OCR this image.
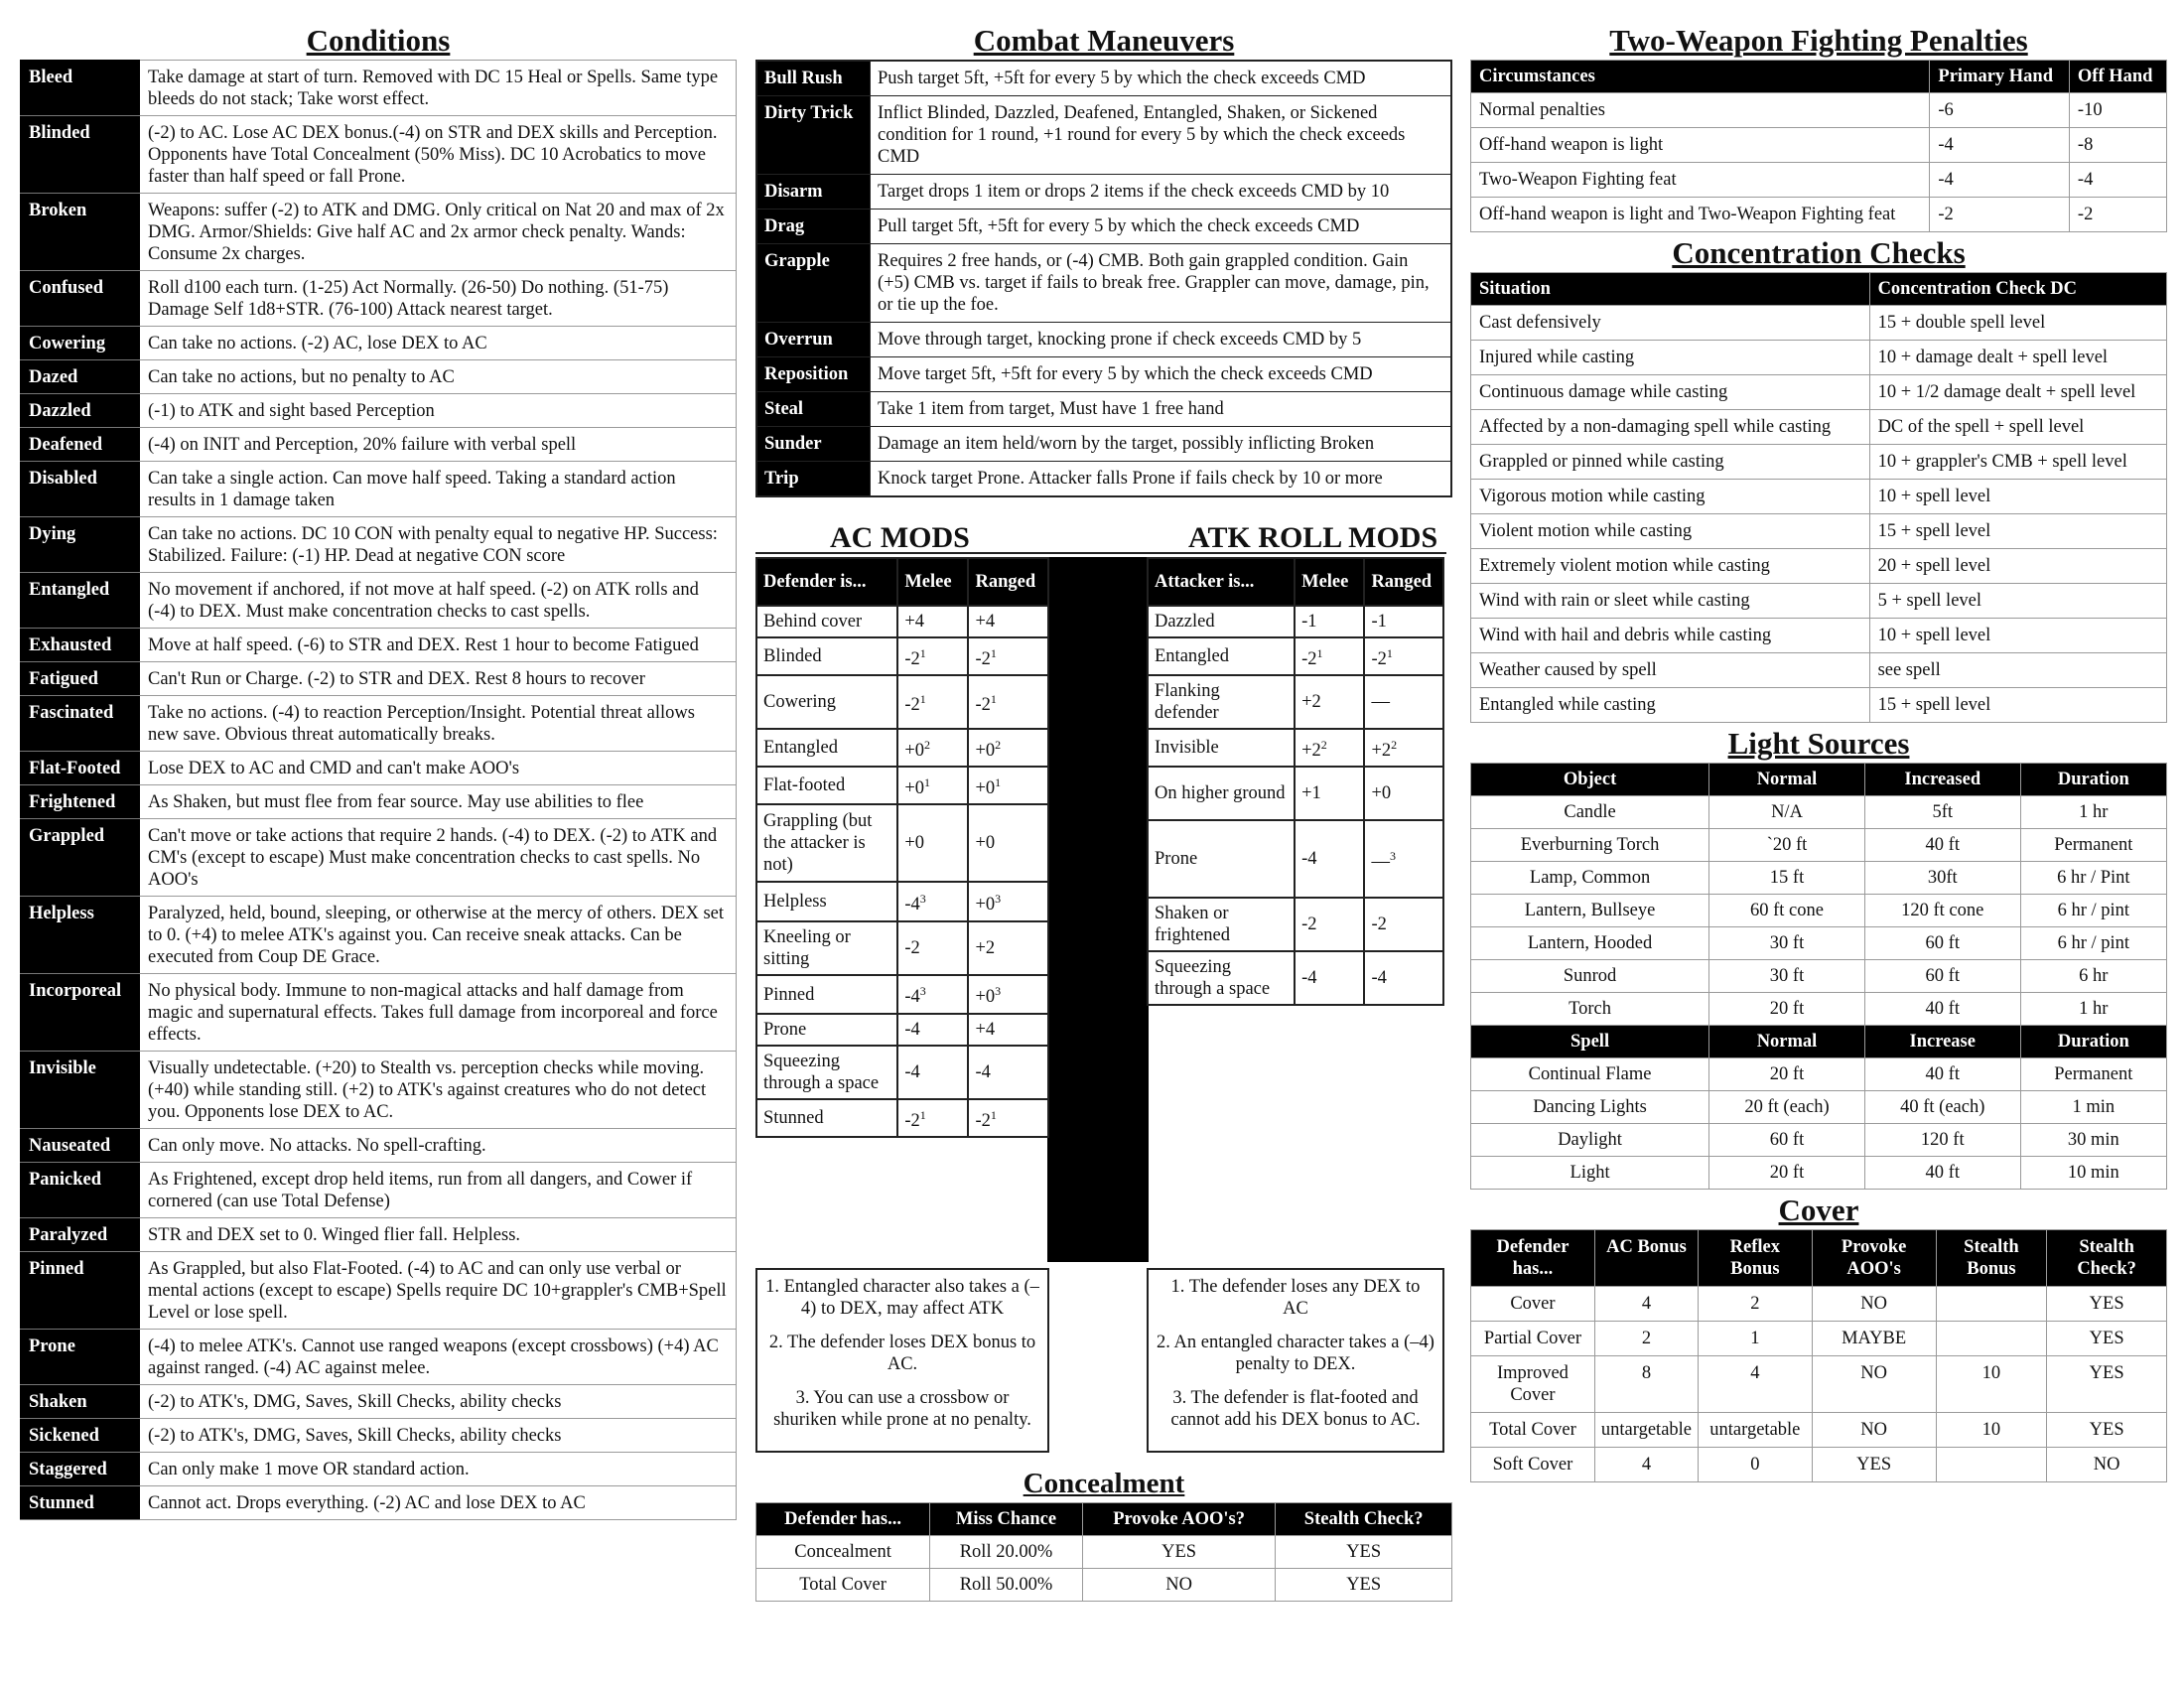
Conditions
Bleed	Take damage at start of turn. Removed with DC 15 Heal or Spells. Same type bleeds do not stack; Take worst effect.
Blinded	(-2) to AC. Lose AC DEX bonus.(-4) on STR and DEX skills and Perception. Opponents have Total Concealment (50% Miss). DC 10 Acrobatics to move faster than half speed or fall Prone.
Broken	Weapons: suffer (-2) to ATK and DMG. Only critical on Nat 20 and max of 2x DMG. Armor/Shields: Give half AC and 2x armor check penalty. Wands: Consume 2x charges.
Confused	Roll d100 each turn. (1-25) Act Normally. (26-50) Do nothing. (51-75) Damage Self 1d8+STR. (76-100) Attack nearest target.
Cowering	Can take no actions. (-2) AC, lose DEX to AC
Dazed	Can take no actions, but no penalty to AC
Dazzled	(-1) to ATK and sight based Perception
Deafened	(-4) on INIT and Perception, 20% failure with verbal spell
Disabled	Can take a single action. Can move half speed. Taking a standard action results in 1 damage taken
Dying	Can take no actions. DC 10 CON with penalty equal to negative HP. Success: Stabilized. Failure: (-1) HP. Dead at negative CON score
Entangled	No movement if anchored, if not move at half speed. (-2) on ATK rolls and (-4) to DEX. Must make concentration checks to cast spells.
Exhausted	Move at half speed. (-6) to STR and DEX. Rest 1 hour to become Fatigued
Fatigued	Can't Run or Charge. (-2) to STR and DEX. Rest 8 hours to recover
Fascinated	Take no actions. (-4) to reaction Perception/Insight. Potential threat allows new save. Obvious threat automatically breaks.
Flat-Footed	Lose DEX to AC and CMD and can't make AOO's
Frightened	As Shaken, but must flee from fear source. May use abilities to flee
Grappled	Can't move or take actions that require 2 hands. (-4) to DEX. (-2) to ATK and CM's (except to escape) Must make concentration checks to cast spells. No AOO's
Helpless	Paralyzed, held, bound, sleeping, or otherwise at the mercy of others. DEX set to 0. (+4) to melee ATK's against you. Can receive sneak attacks. Can be executed from Coup DE Grace.
Incorporeal	No physical body. Immune to non-magical attacks and half damage from magic and supernatural effects. Takes full damage from incorporeal and force effects.
Invisible	Visually undetectable. (+20) to Stealth vs. perception checks while moving. (+40) while standing still. (+2) to ATK's against creatures who do not detect you. Opponents lose DEX to AC.
Nauseated	Can only move. No attacks. No spell-crafting.
Panicked	As Frightened, except drop held items, run from all dangers, and Cower if cornered (can use Total Defense)
Paralyzed	STR and DEX set to 0. Winged flier fall. Helpless.
Pinned	As Grappled, but also Flat-Footed. (-4) to AC and can only use verbal or mental actions (except to escape) Spells require DC 10+grappler's CMB+Spell Level or lose spell.
Prone	(-4) to melee ATK's. Cannot use ranged weapons (except crossbows) (+4) AC against ranged. (-4) AC against melee.
Shaken	(-2) to ATK's, DMG, Saves, Skill Checks, ability checks
Sickened	(-2) to ATK's, DMG, Saves, Skill Checks, ability checks
Staggered	Can only make 1 move OR standard action.
Stunned	Cannot act. Drops everything. (-2) AC and lose DEX to AC
Combat Maneuvers
Bull Rush	Push target 5ft, +5ft for every 5 by which the check exceeds CMD
Dirty Trick	Inflict Blinded, Dazzled, Deafened, Entangled, Shaken, or Sickened condition for 1 round, +1 round for every 5 by which the check exceeds CMD
Disarm	Target drops 1 item or drops 2 items if the check exceeds CMD by 10
Drag	Pull target 5ft, +5ft for every 5 by which the check exceeds CMD
Grapple	Requires 2 free hands, or (-4) CMB. Both gain grappled condition. Gain (+5) CMB vs. target if fails to break free. Grappler can move, damage, pin, or tie up the foe.
Overrun	Move through target, knocking prone if check exceeds CMD by 5
Reposition	Move target 5ft, +5ft for every 5 by which the check exceeds CMD
Steal	Take 1 item from target, Must have 1 free hand
Sunder	Damage an item held/worn by the target, possibly inflicting Broken
Trip	Knock target Prone. Attacker falls Prone if fails check by 10 or more
AC MODS	ATK ROLL MODS
Defender is...	Melee	Ranged
Behind cover	+4	+4
Blinded	$-2^1$	$-2^1$
Cowering	$-2^1$	$-2^1$
Entangled	$+0^2$	$+0^2$
Flat-footed	$+0^1$	$+0^1$
Grappling (but the attacker is not)	+0	+0
Helpless	$-4^3$	$+0^3$
Kneeling or sitting	-2	+2
Pinned	$-4^3$	$+0^3$
Prone	-4	+4
Squeezing through a space	-4	-4
Stunned	$-2^1$	$-2^1$
Attacker is...	Melee	Ranged
Dazzled	-1	-1
Entangled	$-2^1$	$-2^1$
Flanking defender	+2	—
Invisible	$+2^2$	$+2^2$
On higher ground	+1	+0
Prone	-4	—$^3$
Shaken or frightened	-2	-2
Squeezing through a space	-4	-4

1. Entangled character also takes a (–4) to DEX, may affect ATK

2. The defender loses DEX bonus to AC.

3. You can use a crossbow or shuriken while prone at no penalty.

1. The defender loses any DEX to AC

2. An entangled character takes a (–4) penalty to DEX.

3. The defender is flat-footed and cannot add his DEX bonus to AC.

Concealment
Defender has...	Miss Chance	Provoke AOO's?	Stealth Check?
Concealment	Roll 20.00%	YES	YES
Total Cover	Roll 50.00%	NO	YES
Two-Weapon Fighting Penalties
Circumstances	Primary Hand	Off Hand
Normal penalties	-6	-10
Off-hand weapon is light	-4	-8
Two-Weapon Fighting feat	-4	-4
Off-hand weapon is light and Two-Weapon Fighting feat	-2	-2
Concentration Checks
Situation	Concentration Check DC
Cast defensively	15 + double spell level
Injured while casting	10 + damage dealt + spell level
Continuous damage while casting	10 + 1/2 damage dealt + spell level
Affected by a non-damaging spell while casting	DC of the spell + spell level
Grappled or pinned while casting	10 + grappler's CMB + spell level
Vigorous motion while casting	10 + spell level
Violent motion while casting	15 + spell level
Extremely violent motion while casting	20 + spell level
Wind with rain or sleet while casting	5 + spell level
Wind with hail and debris while casting	10 + spell level
Weather caused by spell	see spell
Entangled while casting	15 + spell level
Light Sources
Object	Normal	Increased	Duration
Candle	N/A	5ft	1 hr
Everburning Torch	`20 ft	40 ft	Permanent
Lamp, Common	15 ft	30ft	6 hr / Pint
Lantern, Bullseye	60 ft cone	120 ft cone	6 hr / pint
Lantern, Hooded	30 ft	60 ft	6 hr / pint
Sunrod	30 ft	60 ft	6 hr
Torch	20 ft	40 ft	1 hr
Spell	Normal	Increase	Duration
Continual Flame	20 ft	40 ft	Permanent
Dancing Lights	20 ft (each)	40 ft (each)	1 min
Daylight	60 ft	120 ft	30 min
Light	20 ft	40 ft	10 min
Cover
Defender has...	AC Bonus	Reflex Bonus	Provoke AOO's	Stealth Bonus	Stealth Check?
Cover	4	2	NO		YES
Partial Cover	2	1	MAYBE		YES
Improved Cover	8	4	NO	10	YES
Total Cover	untargetable	untargetable	NO	10	YES
Soft Cover	4	0	YES		NO
